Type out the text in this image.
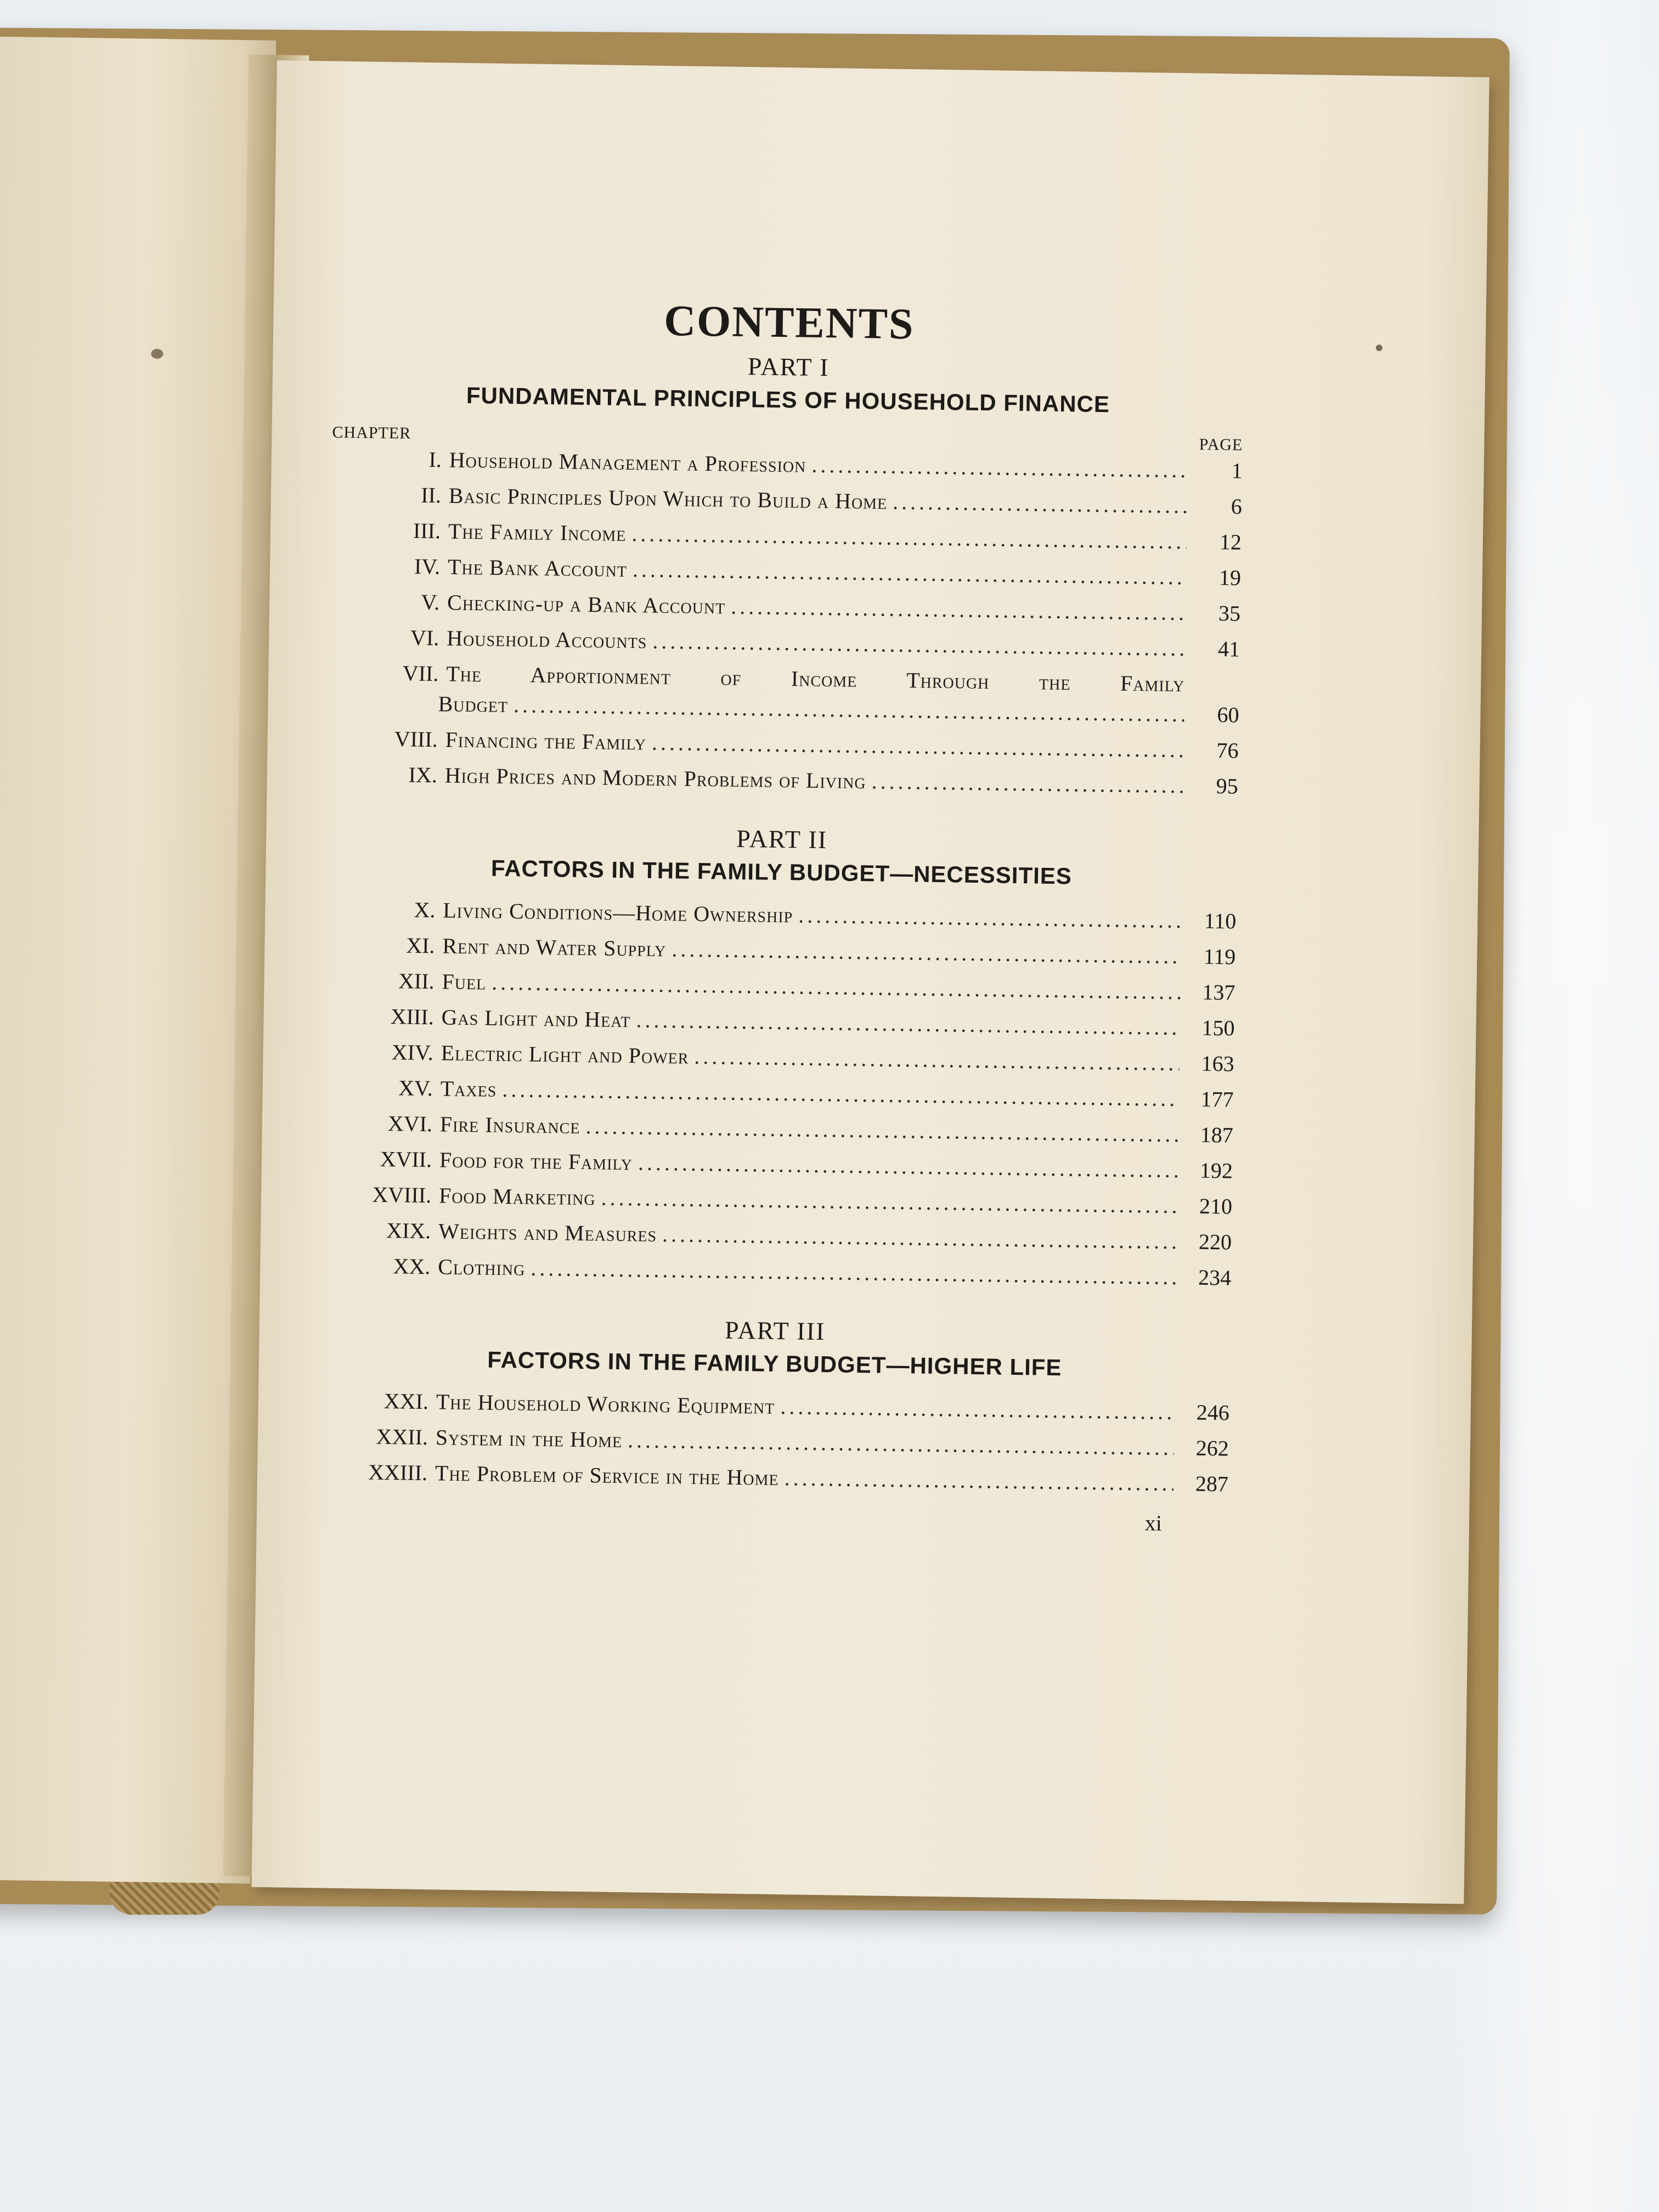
CONTENTS

PART I

FUNDAMENTAL PRINCIPLES OF HOUSEHOLD FINANCE

CHAPTER
PAGE
I. Household Management a Profession .....	1
II. Basic Principles Upon Which to Build a Home .....	6
III. The Family Income .....	12
IV. The Bank Account .....	19
V. Checking-up a Bank Account .....	35
VI. Household Accounts .....	41
VII. The Apportionment of Income Through the Family
Budget .....	60
VIII. Financing the Family .....	76
IX. High Prices and Modern Problems of Living .....	95

PART II

FACTORS IN THE FAMILY BUDGET—NECESSITIES

X. Living Conditions—Home Ownership .....	110
XI. Rent and Water Supply .....	119
XII. Fuel .....	137
XIII. Gas Light and Heat .....	150
XIV. Electric Light and Power .....	163
XV. Taxes .....	177
XVI. Fire Insurance .....	187
XVII. Food for the Family .....	192
XVIII. Food Marketing .....	210
XIX. Weights and Measures .....	220
XX. Clothing .....	234

PART III

FACTORS IN THE FAMILY BUDGET—HIGHER LIFE

XXI. The Household Working Equipment .....	246
XXII. System in the Home .....	262
XXIII. The Problem of Service in the Home .....	287
xi
